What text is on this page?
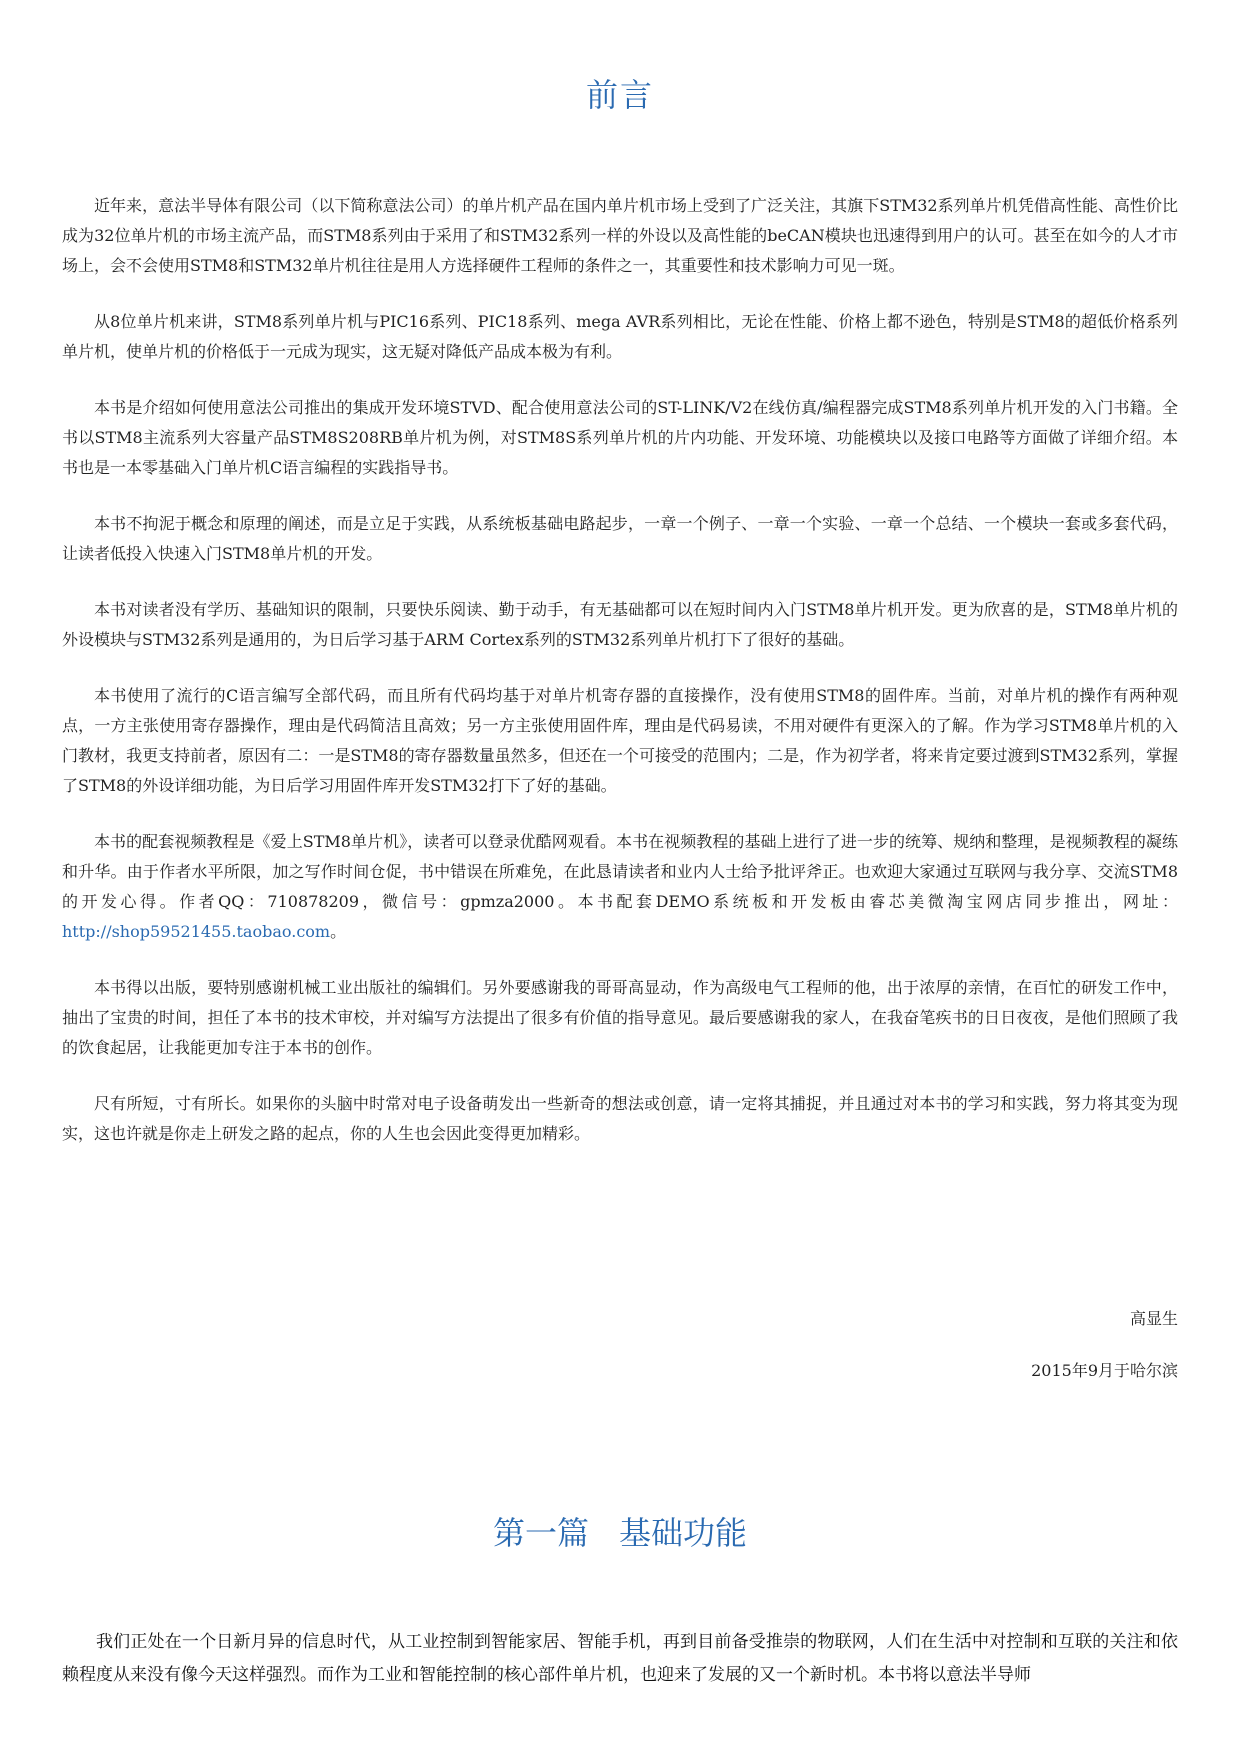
前言

近年来，意法半导体有限公司（以下简称意法公司）的单片机产品在国内单片机市场上受到了广泛关注，其旗下STM32系列单片机凭借高性能、高性价比成为32位单片机的市场主流产品，而STM8系列由于采用了和STM32系列一样的外设以及高性能的beCAN模块也迅速得到用户的认可。甚至在如今的人才市场上，会不会使用STM8和STM32单片机往往是用人方选择硬件工程师的条件之一，其重要性和技术影响力可见一斑。

从8位单片机来讲，STM8系列单片机与PIC16系列、PIC18系列、mega AVR系列相比，无论在性能、价格上都不逊色，特别是STM8的超低价格系列单片机，使单片机的价格低于一元成为现实，这无疑对降低产品成本极为有利。

本书是介绍如何使用意法公司推出的集成开发环境STVD、配合使用意法公司的ST-LINK/V2在线仿真/编程器完成STM8系列单片机开发的入门书籍。全书以STM8主流系列大容量产品STM8S208RB单片机为例，对STM8S系列单片机的片内功能、开发环境、功能模块以及接口电路等方面做了详细介绍。本书也是一本零基础入门单片机C语言编程的实践指导书。

本书不拘泥于概念和原理的阐述，而是立足于实践，从系统板基础电路起步，一章一个例子、一章一个实验、一章一个总结、一个模块一套或多套代码，让读者低投入快速入门STM8单片机的开发。

本书对读者没有学历、基础知识的限制，只要快乐阅读、勤于动手，有无基础都可以在短时间内入门STM8单片机开发。更为欣喜的是，STM8单片机的外设模块与STM32系列是通用的，为日后学习基于ARM Cortex系列的STM32系列单片机打下了很好的基础。

本书使用了流行的C语言编写全部代码，而且所有代码均基于对单片机寄存器的直接操作，没有使用STM8的固件库。当前，对单片机的操作有两种观点，一方主张使用寄存器操作，理由是代码简洁且高效；另一方主张使用固件库，理由是代码易读，不用对硬件有更深入的了解。作为学习STM8单片机的入门教材，我更支持前者，原因有二：一是STM8的寄存器数量虽然多，但还在一个可接受的范围内；二是，作为初学者，将来肯定要过渡到STM32系列，掌握了STM8的外设详细功能，为日后学习用固件库开发STM32打下了好的基础。

本书的配套视频教程是《爱上STM8单片机》，读者可以登录优酷网观看。本书在视频教程的基础上进行了进一步的统筹、规纳和整理，是视频教程的凝练和升华。由于作者水平所限，加之写作时间仓促，书中错误在所难免，在此恳请读者和业内人士给予批评斧正。也欢迎大家通过互联网与我分享、交流STM8的开发心得。作者QQ：710878209，微信号：gpmza2000。本书配套DEMO系统板和开发板由睿芯美微淘宝网店同步推出，网址：http://shop59521455.taobao.com。

本书得以出版，要特别感谢机械工业出版社的编辑们。另外要感谢我的哥哥高显动，作为高级电气工程师的他，出于浓厚的亲情，在百忙的研发工作中，抽出了宝贵的时间，担任了本书的技术审校，并对编写方法提出了很多有价值的指导意见。最后要感谢我的家人，在我奋笔疾书的日日夜夜，是他们照顾了我的饮食起居，让我能更加专注于本书的创作。

尺有所短，寸有所长。如果你的头脑中时常对电子设备萌发出一些新奇的想法或创意，请一定将其捕捉，并且通过对本书的学习和实践，努力将其变为现实，这也许就是你走上研发之路的起点，你的人生也会因此变得更加精彩。

高显生
2015年9月于哈尔滨
第一篇 基础功能

我们正处在一个日新月异的信息时代，从工业控制到智能家居、智能手机，再到目前备受推崇的物联网，人们在生活中对控制和互联的关注和依赖程度从来没有像今天这样强烈。而作为工业和智能控制的核心部件单片机，也迎来了发展的又一个新时机。本书将以意法半导师
